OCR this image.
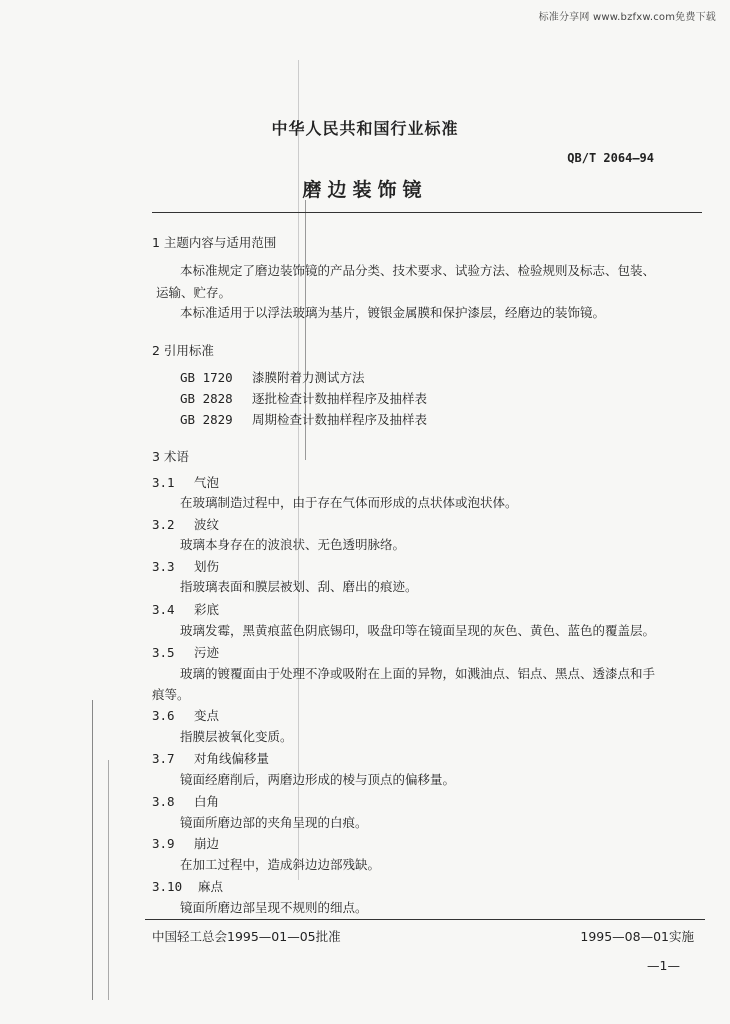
标准分享网 www.bzfxw.com免费下载
中华人民共和国行业标准
QB/T 2064—94
磨边装饰镜
1 主题内容与适用范围
本标准规定了磨边装饰镜的产品分类、技术要求、试验方法、检验规则及标志、包装、
运输、贮存。
本标准适用于以浮法玻璃为基片，镀银金属膜和保护漆层，经磨边的装饰镜。
2 引用标准
GB 1720 漆膜附着力测试方法
GB 2828 逐批检查计数抽样程序及抽样表
GB 2829 周期检查计数抽样程序及抽样表
3 术语
3.1 气泡
在玻璃制造过程中，由于存在气体而形成的点状体或泡状体。
3.2 波纹
玻璃本身存在的波浪状、无色透明脉络。
3.3 划伤
指玻璃表面和膜层被划、刮、磨出的痕迹。
3.4 彩底
玻璃发霉，黑黄痕蓝色阴底锡印，吸盘印等在镜面呈现的灰色、黄色、蓝色的覆盖层。
3.5 污迹
玻璃的镀覆面由于处理不净或吸附在上面的异物，如溅油点、铝点、黑点、透漆点和手
痕等。
3.6 变点
指膜层被氧化变质。
3.7 对角线偏移量
镜面经磨削后，两磨边形成的棱与顶点的偏移量。
3.8 白角
镜面所磨边部的夹角呈现的白痕。
3.9 崩边
在加工过程中，造成斜边边部残缺。
3.10 麻点
镜面所磨边部呈现不规则的细点。
中国轻工总会1995—01—05批准	1995—08—01实施
—1—
